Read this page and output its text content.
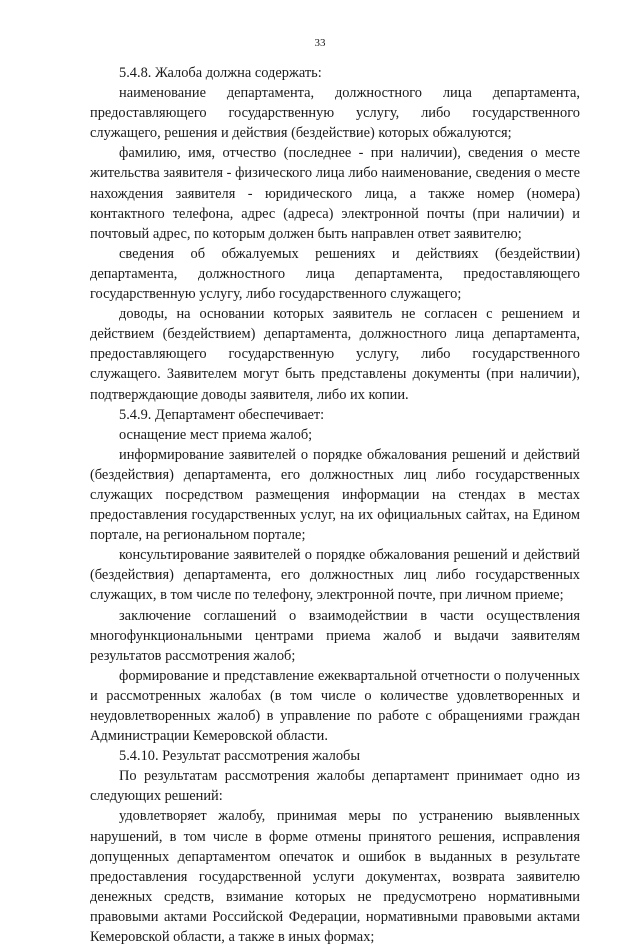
33

5.4.8. Жалоба должна содержать:

наименование департамента, должностного лица департамента, предоставляющего государственную услугу, либо государственного служащего, решения и действия (бездействие) которых обжалуются;

фамилию, имя, отчество (последнее - при наличии), сведения о месте жительства заявителя - физического лица либо наименование, сведения о месте нахождения заявителя - юридического лица, а также номер (номера) контактного телефона, адрес (адреса) электронной почты (при наличии) и почтовый адрес, по которым должен быть направлен ответ заявителю;

сведения об обжалуемых решениях и действиях (бездействии) департамента, должностного лица департамента, предоставляющего государственную услугу, либо государственного служащего;

доводы, на основании которых заявитель не согласен с решением и действием (бездействием) департамента, должностного лица департамента, предоставляющего государственную услугу, либо государственного служащего. Заявителем могут быть представлены документы (при наличии), подтверждающие доводы заявителя, либо их копии.

5.4.9. Департамент обеспечивает:

оснащение мест приема жалоб;

информирование заявителей о порядке обжалования решений и действий (бездействия) департамента, его должностных лиц либо государственных служащих посредством размещения информации на стендах в местах предоставления государственных услуг, на их официальных сайтах, на Едином портале, на региональном портале;

консультирование заявителей о порядке обжалования решений и действий (бездействия) департамента, его должностных лиц либо государственных служащих, в том числе по телефону, электронной почте, при личном приеме;

заключение соглашений о взаимодействии в части осуществления многофункциональными центрами приема жалоб и выдачи заявителям результатов рассмотрения жалоб;

формирование и представление ежеквартальной отчетности о полученных и рассмотренных жалобах (в том числе о количестве удовлетворенных и неудовлетворенных жалоб) в управление по работе с обращениями граждан Администрации Кемеровской области.

5.4.10. Результат рассмотрения жалобы

По результатам рассмотрения жалобы департамент принимает одно из следующих решений:

удовлетворяет жалобу, принимая меры по устранению выявленных нарушений, в том числе в форме отмены принятого решения, исправления допущенных департаментом опечаток и ошибок в выданных в результате предоставления государственной услуги документах, возврата заявителю денежных средств, взимание которых не предусмотрено нормативными правовыми актами Российской Федерации, нормативными правовыми актами Кемеровской области, а также в иных формах;
